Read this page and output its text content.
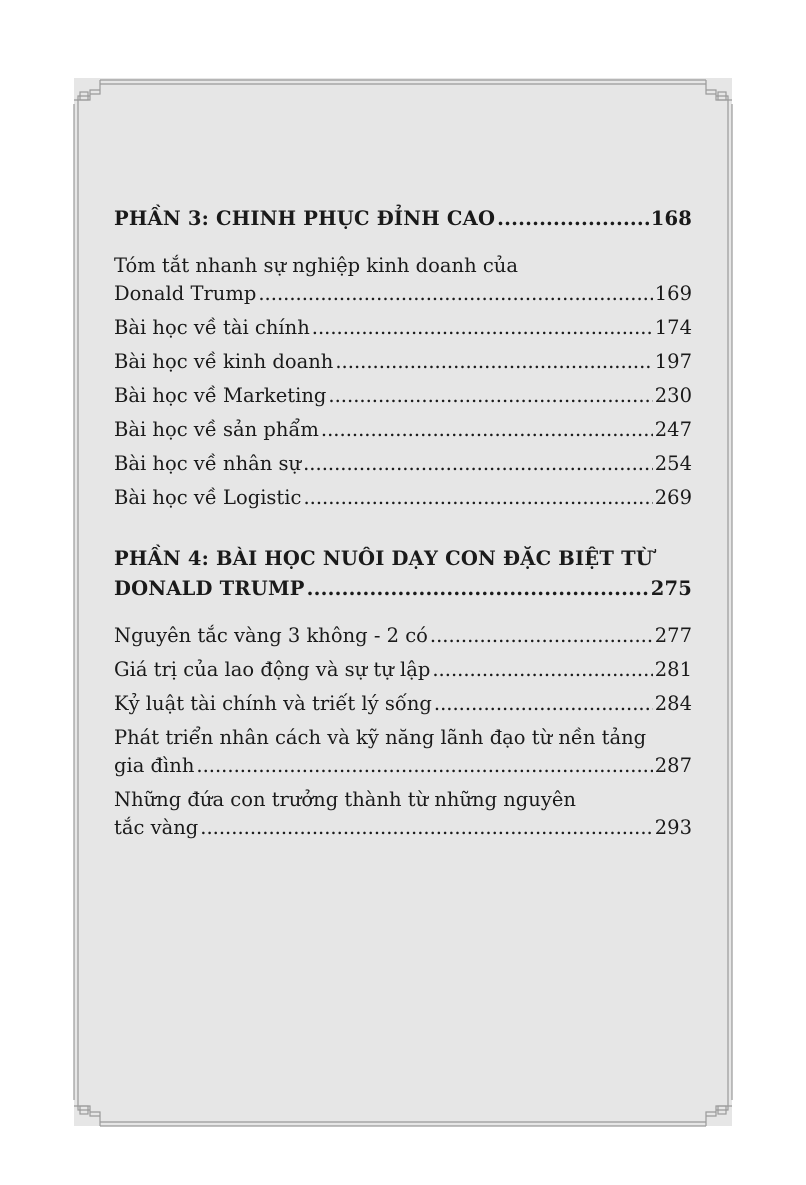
PHẦN 3: CHINH PHỤC ĐỈNH CAO .....	168
Tóm tắt nhanh sự nghiệp kinh doanh của
Donald Trump .....	169
Bài học về tài chính .....	174
Bài học về kinh doanh .....	197
Bài học về Marketing .....	230
Bài học về sản phẩm .....	247
Bài học về nhân sự .....	254
Bài học về Logistic .....	269
PHẦN 4: BÀI HỌC NUÔI DẠY CON ĐẶC BIỆT TỪ
DONALD TRUMP .....	275
Nguyên tắc vàng 3 không - 2 có .....	277
Giá trị của lao động và sự tự lập .....	281
Kỷ luật tài chính và triết lý sống .....	284
Phát triển nhân cách và kỹ năng lãnh đạo từ nền tảng
gia đình .....	287
Những đứa con trưởng thành từ những nguyên
tắc vàng .....	293
